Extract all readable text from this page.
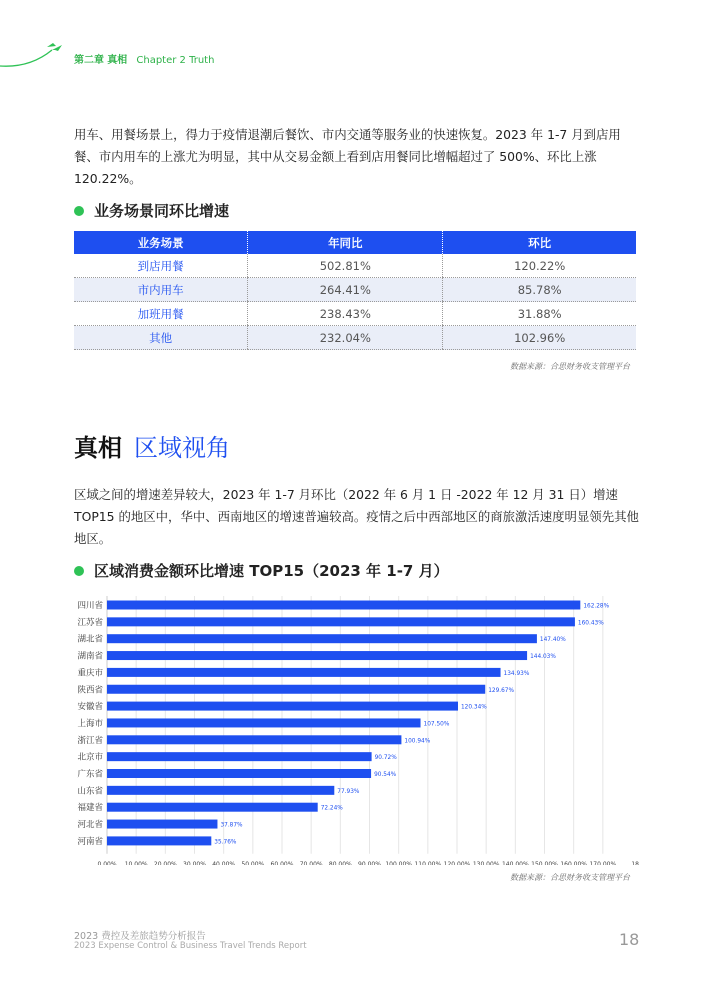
第二章 真相 Chapter 2 Truth
用车、用餐场景上，得力于疫情退潮后餐饮、市内交通等服务业的快速恢复。2023 年 1-7 月到店用餐、市内用车的上涨尤为明显，其中从交易金额上看到店用餐同比增幅超过了 500%、环比上涨 120.22%。
业务场景同环比增速
业务场景	年同比	环比
到店用餐	502.81%	120.22%
市内用车	264.41%	85.78%
加班用餐	238.43%	31.88%
其他	232.04%	102.96%
数据来源：合思财务收支管理平台
真相 区域视角
区域之间的增速差异较大，2023 年 1-7 月环比（2022 年 6 月 1 日 -2022 年 12 月 31 日）增速 TOP15 的地区中，华中、西南地区的增速普遍较高。疫情之后中西部地区的商旅激活速度明显领先其他地区。
区域消费金额环比增速 TOP15（2023 年 1-7 月）
四川省	162.28%
江苏省	160.43%
湖北省	147.40%
湖南省	144.03%
重庆市	134.93%
陕西省	129.67%
安徽省	120.34%
上海市	107.50%
浙江省	100.94%
北京市	90.72%
广东省	90.54%
山东省	77.93%
福建省	72.24%
河北省	37.87%
河南省	35.76%
0.00% 10.00% 20.00% 30.00% 40.00% 50.00% 60.00% 70.00% 80.00% 90.00% 100.00% 110.00% 120.00% 130.00% 140.00% 150.00% 160.00% 170.00%	18...
数据来源：合思财务收支管理平台
2023 费控及差旅趋势分析报告
2023 Expense Control & Business Travel Trends Report	18
